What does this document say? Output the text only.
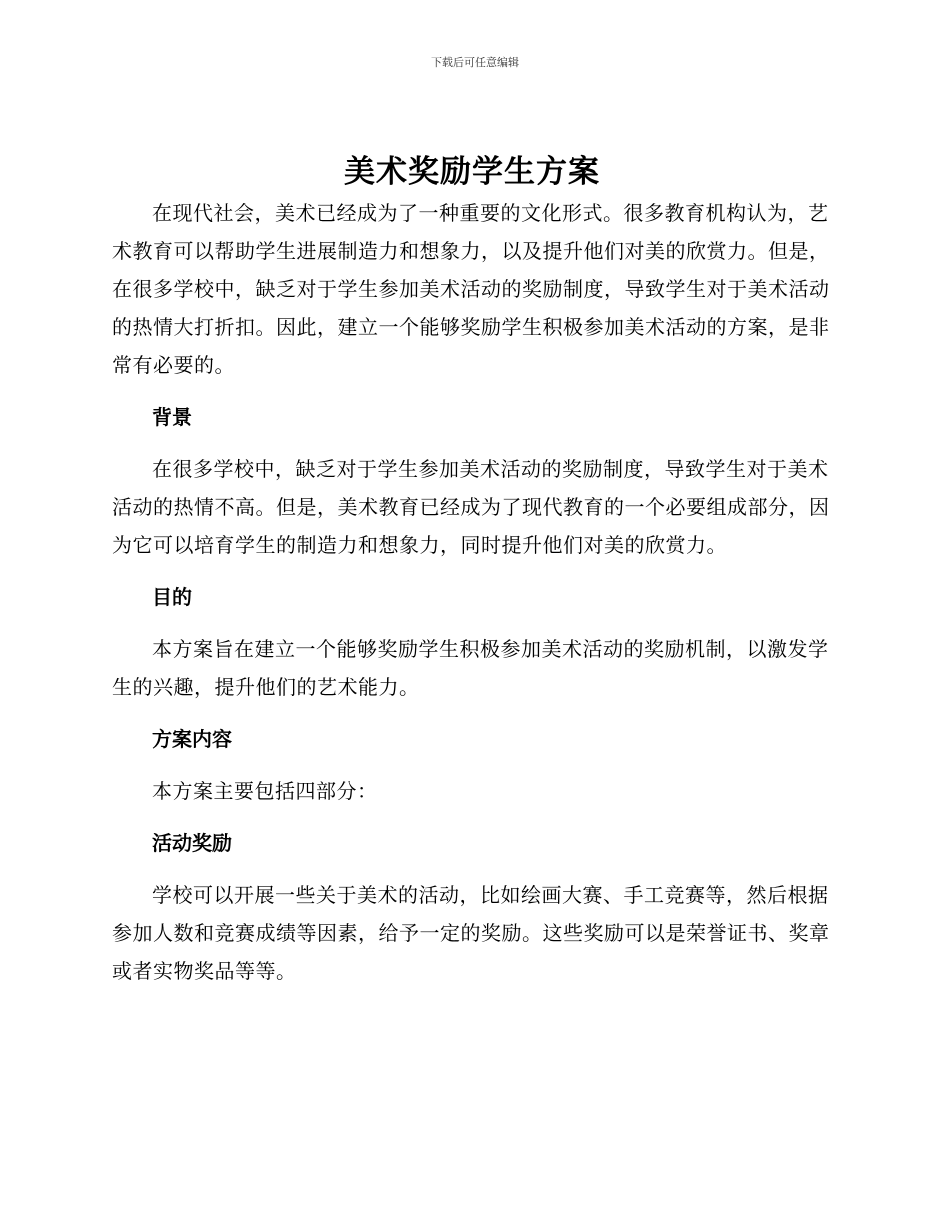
下载后可任意编辑
美术奖励学生方案

在现代社会，美术已经成为了一种重要的文化形式。很多教育机构认为，艺术教育可以帮助学生进展制造力和想象力，以及提升他们对美的欣赏力。但是，在很多学校中，缺乏对于学生参加美术活动的奖励制度，导致学生对于美术活动的热情大打折扣。因此，建立一个能够奖励学生积极参加美术活动的方案，是非常有必要的。

背景

在很多学校中，缺乏对于学生参加美术活动的奖励制度，导致学生对于美术活动的热情不高。但是，美术教育已经成为了现代教育的一个必要组成部分，因为它可以培育学生的制造力和想象力，同时提升他们对美的欣赏力。

目的

本方案旨在建立一个能够奖励学生积极参加美术活动的奖励机制，以激发学生的兴趣，提升他们的艺术能力。

方案内容

本方案主要包括四部分：

活动奖励

学校可以开展一些关于美术的活动，比如绘画大赛、手工竞赛等，然后根据参加人数和竞赛成绩等因素，给予一定的奖励。这些奖励可以是荣誉证书、奖章或者实物奖品等等。
